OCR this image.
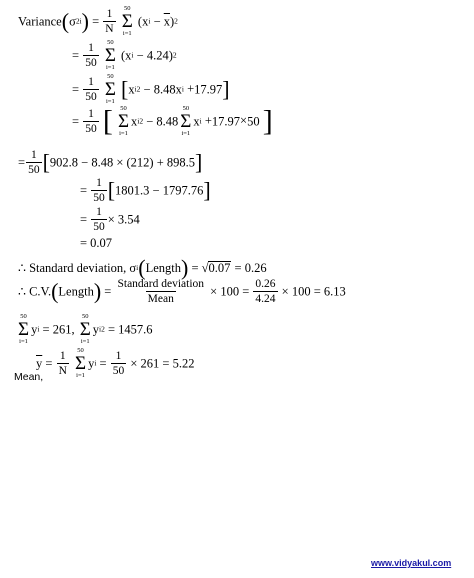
Variance(σ2i) = $\frac{1}{N}$
50
Σ
i=1
$(xi - \overline{x})2$
= $\frac{1}{50}$
50
Σ
i=1
(xi − 4.24)2
= $\frac{1}{50}$
50
Σ
i=1 [xi2 − 8.48xi +17.97]
= $\frac{1}{50}$ [ 50
Σ
i=1
xi2 − 8.48
50
Σ
i=1
xi +17.97×50 ]
= $\frac{1}{50} [902.8 - 8.48 \times (212) + 898.5]$
= $\frac{1}{50} [1801.3 - 1797.76]$
= $\frac{1}{50} \times 3.54$
= 0.07
∴ Standard deviation, σi(Length) = √0.07 = 0.26
∴ C.V.(Length) = $\frac{\text{Standard deviation}}{\text{Mean}} \times 100 = \frac{0.26}{4.24} \times 100 = 6.13$
50
Σ
i=1
yi = 261,
50
Σ
i=1
yi2 = 1457.6
$\overline{y} = \frac{1}{N}$
50
Σ
i=1
yi = $\frac{1}{50} \times 261 = 5.22$
Mean,
www.vidyakul.com
